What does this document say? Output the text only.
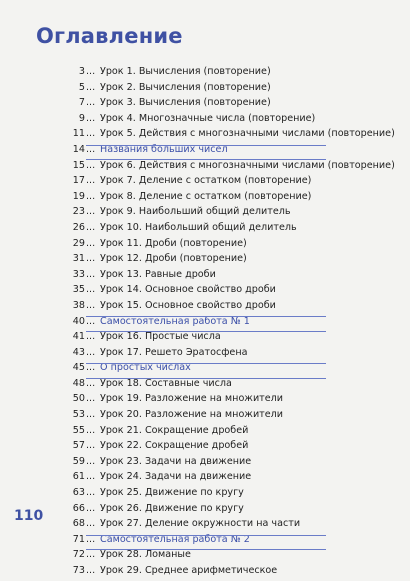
Оглавление
3 ... Урок 1. Вычисления (повторение)
5 ... Урок 2. Вычисления (повторение)
7 ... Урок 3. Вычисления (повторение)
9 ... Урок 4. Многозначные числа (повторение)
11 ... Урок 5. Действия с многозначными числами (повторение)
14 ... Названия больших чисел
15 ... Урок 6. Действия с многозначными числами (повторение)
17 ... Урок 7. Деление с остатком (повторение)
19 ... Урок 8. Деление с остатком (повторение)
23 ... Урок 9. Наибольший общий делитель
26 ... Урок 10. Наибольший общий делитель
29 ... Урок 11. Дроби (повторение)
31 ... Урок 12. Дроби (повторение)
33 ... Урок 13. Равные дроби
35 ... Урок 14. Основное свойство дроби
38 ... Урок 15. Основное свойство дроби
40 ... Самостоятельная работа № 1
41 ... Урок 16. Простые числа
43 ... Урок 17. Решето Эратосфена
45 ... О простых числах
48 ... Урок 18. Составные числа
50 ... Урок 19. Разложение на множители
53 ... Урок 20. Разложение на множители
55 ... Урок 21. Сокращение дробей
57 ... Урок 22. Сокращение дробей
59 ... Урок 23. Задачи на движение
61 ... Урок 24. Задачи на движение
63 ... Урок 25. Движение по кругу
66 ... Урок 26. Движение по кругу
68 ... Урок 27. Деление окружности на части
71 ... Самостоятельная работа № 2
72 ... Урок 28. Ломаные
73 ... Урок 29. Среднее арифметическое
110
